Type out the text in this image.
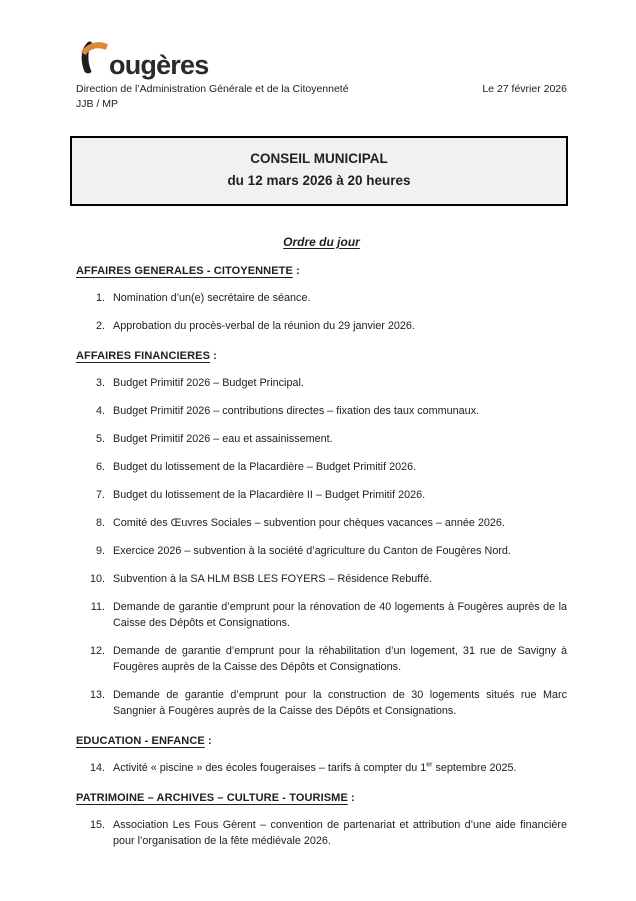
ougères
Direction de l’Administration Générale et de la Citoyenneté	Le 27 février 2026
JJB / MP
CONSEIL MUNICIPAL
du 12 mars 2026 à 20 heures
Ordre du jour
AFFAIRES GENERALES - CITOYENNETE :
1. Nomination d’un(e) secrétaire de séance.
2. Approbation du procès-verbal de la réunion du 29 janvier 2026.
AFFAIRES FINANCIERES :
3. Budget Primitif 2026 – Budget Principal.
4. Budget Primitif 2026 – contributions directes – fixation des taux communaux.
5. Budget Primitif 2026 – eau et assainissement.
6. Budget du lotissement de la Placardière – Budget Primitif 2026.
7. Budget du lotissement de la Placardière II – Budget Primitif 2026.
8. Comité des Œuvres Sociales – subvention pour chèques vacances – année 2026.
9. Exercice 2026 – subvention à la société d’agriculture du Canton de Fougères Nord.
10. Subvention à la SA HLM BSB LES FOYERS – Résidence Rebuffé.
11. Demande de garantie d’emprunt pour la rénovation de 40 logements à Fougères auprès de la Caisse des Dépôts et Consignations.
12. Demande de garantie d’emprunt pour la réhabilitation d’un logement, 31 rue de Savigny à Fougères auprès de la Caisse des Dépôts et Consignations.
13. Demande de garantie d’emprunt pour la construction de 30 logements situés rue Marc Sangnier à Fougères auprès de la Caisse des Dépôts et Consignations.
EDUCATION - ENFANCE :
14. Activité « piscine » des écoles fougeraises – tarifs à compter du 1er septembre 2025.
PATRIMOINE – ARCHIVES – CULTURE - TOURISME :
15. Association Les Fous Gèrent – convention de partenariat et attribution d’une aide financière pour l’organisation de la fête médiévale 2026.
